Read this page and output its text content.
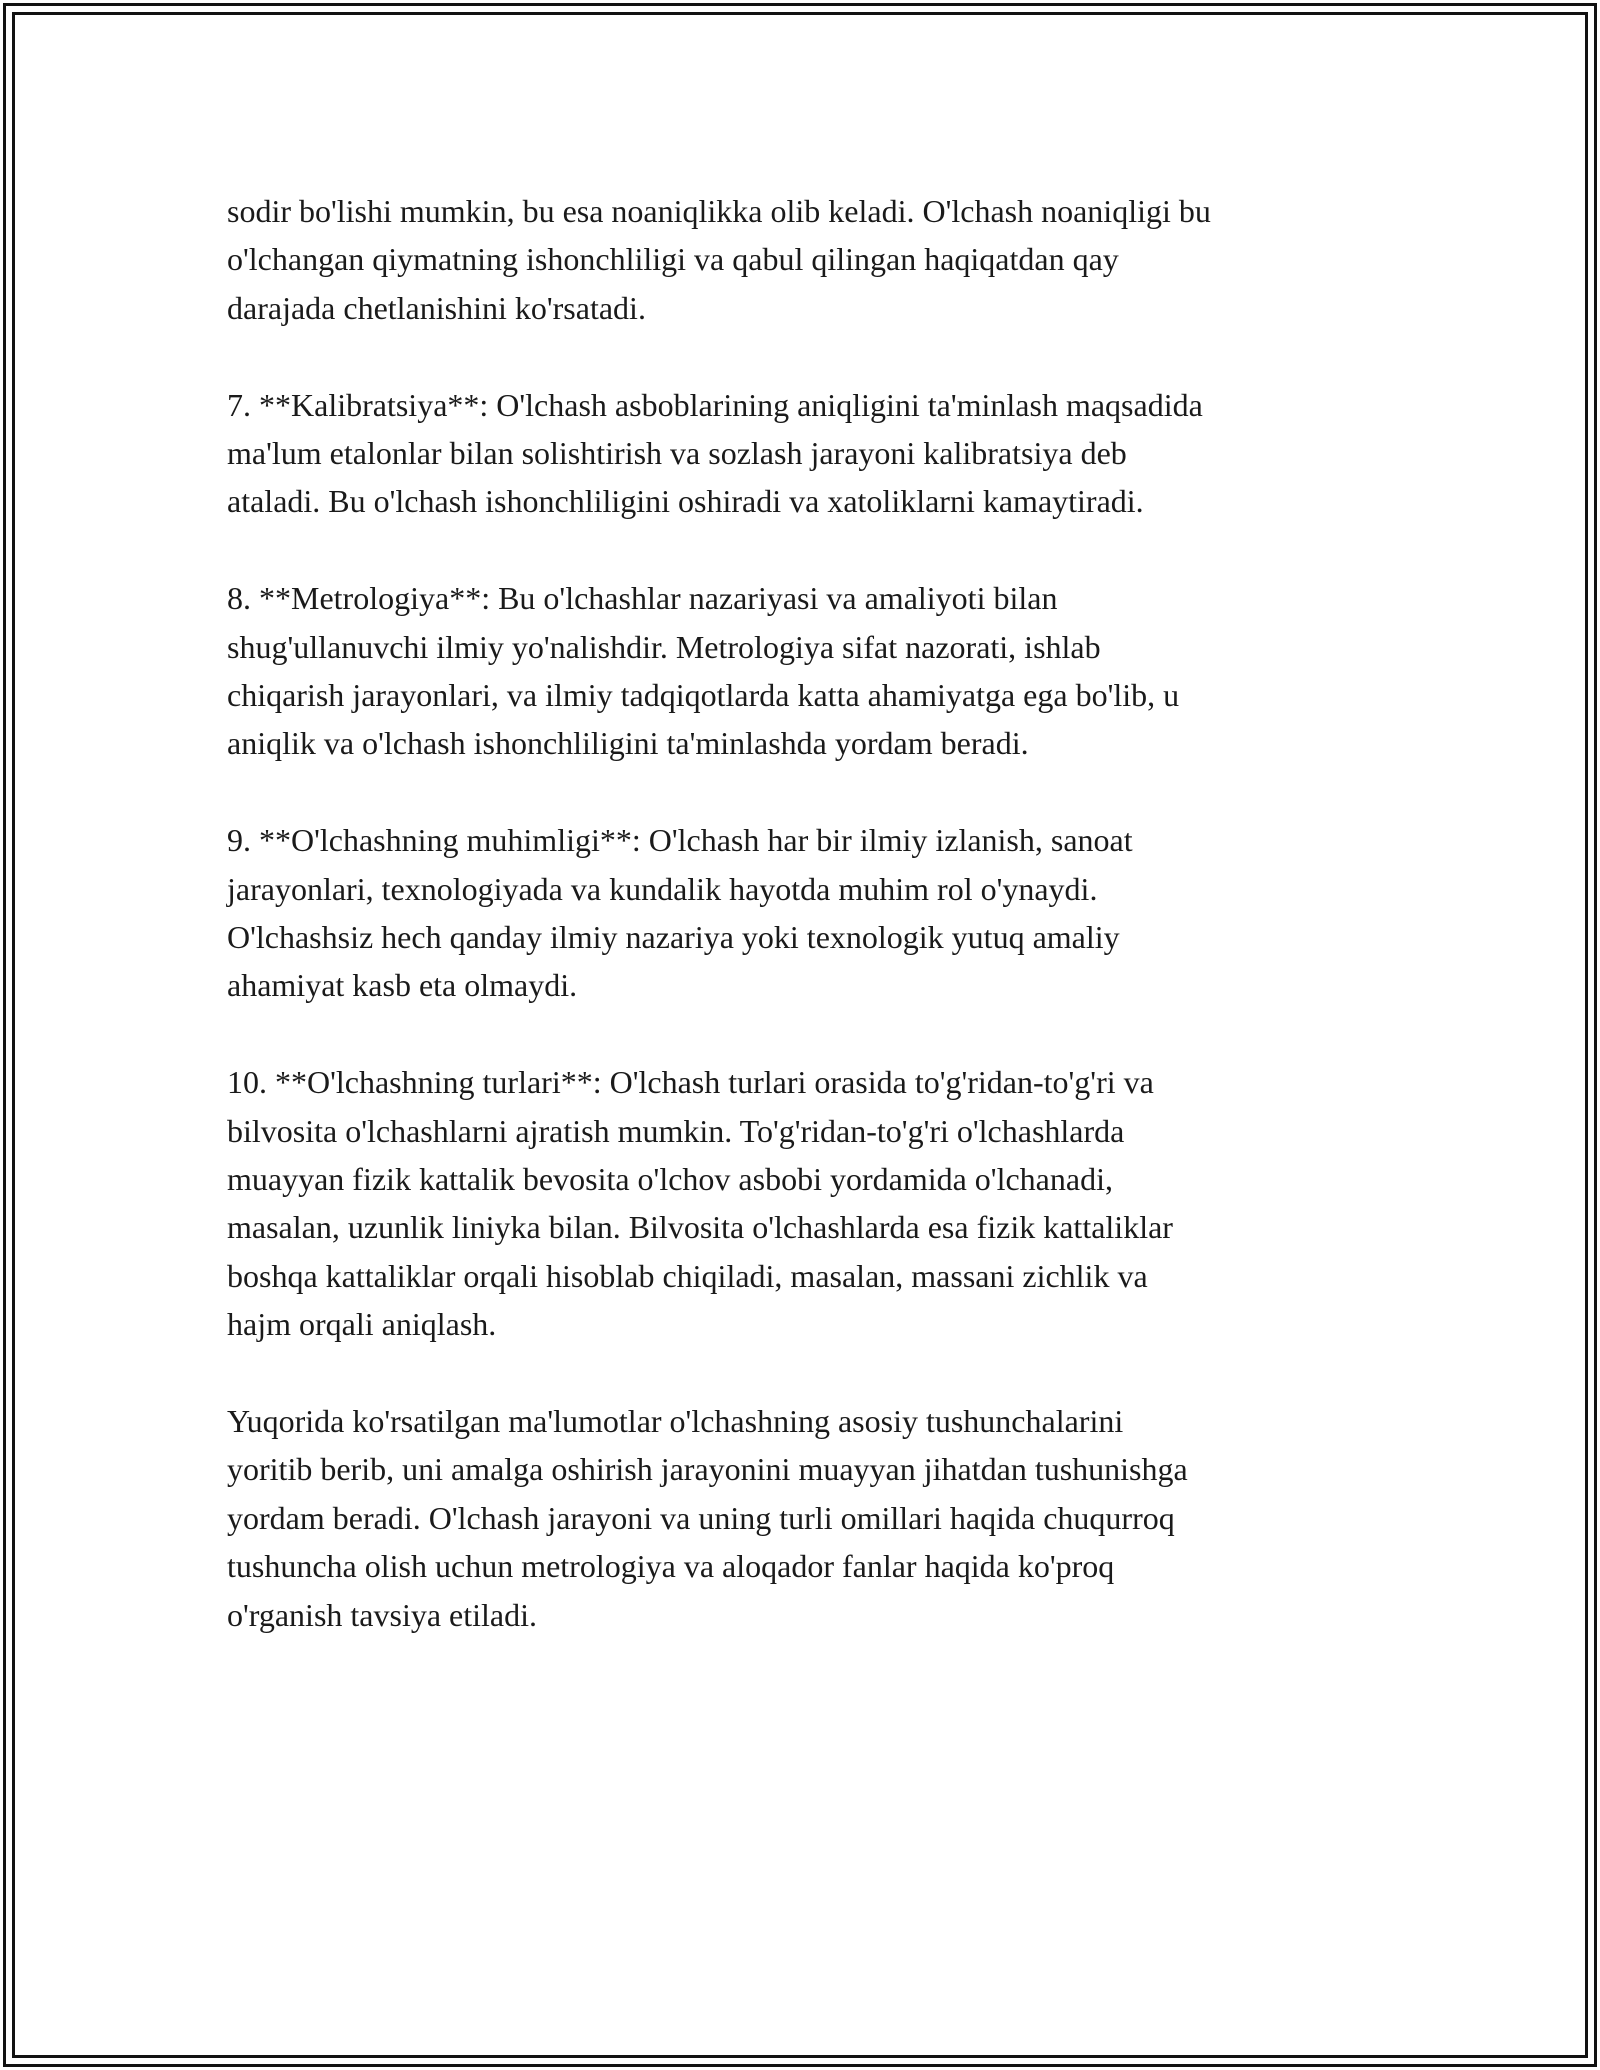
sodir bo'lishi mumkin, bu esa noaniqlikka olib keladi. O'lchash noaniqligi bu
o'lchangan qiymatning ishonchliligi va qabul qilingan haqiqatdan qay
darajada chetlanishini ko'rsatadi.

7. **Kalibratsiya**: O'lchash asboblarining aniqligini ta'minlash maqsadida
ma'lum etalonlar bilan solishtirish va sozlash jarayoni kalibratsiya deb
ataladi. Bu o'lchash ishonchliligini oshiradi va xatoliklarni kamaytiradi.

8. **Metrologiya**: Bu o'lchashlar nazariyasi va amaliyoti bilan
shug'ullanuvchi ilmiy yo'nalishdir. Metrologiya sifat nazorati, ishlab
chiqarish jarayonlari, va ilmiy tadqiqotlarda katta ahamiyatga ega bo'lib, u
aniqlik va o'lchash ishonchliligini ta'minlashda yordam beradi.

9. **O'lchashning muhimligi**: O'lchash har bir ilmiy izlanish, sanoat
jarayonlari, texnologiyada va kundalik hayotda muhim rol o'ynaydi.
O'lchashsiz hech qanday ilmiy nazariya yoki texnologik yutuq amaliy
ahamiyat kasb eta olmaydi.

10. **O'lchashning turlari**: O'lchash turlari orasida to'g'ridan-to'g'ri va
bilvosita o'lchashlarni ajratish mumkin. To'g'ridan-to'g'ri o'lchashlarda
muayyan fizik kattalik bevosita o'lchov asbobi yordamida o'lchanadi,
masalan, uzunlik liniyka bilan. Bilvosita o'lchashlarda esa fizik kattaliklar
boshqa kattaliklar orqali hisoblab chiqiladi, masalan, massani zichlik va
hajm orqali aniqlash.

Yuqorida ko'rsatilgan ma'lumotlar o'lchashning asosiy tushunchalarini
yoritib berib, uni amalga oshirish jarayonini muayyan jihatdan tushunishga
yordam beradi. O'lchash jarayoni va uning turli omillari haqida chuqurroq
tushuncha olish uchun metrologiya va aloqador fanlar haqida ko'proq
o'rganish tavsiya etiladi.
